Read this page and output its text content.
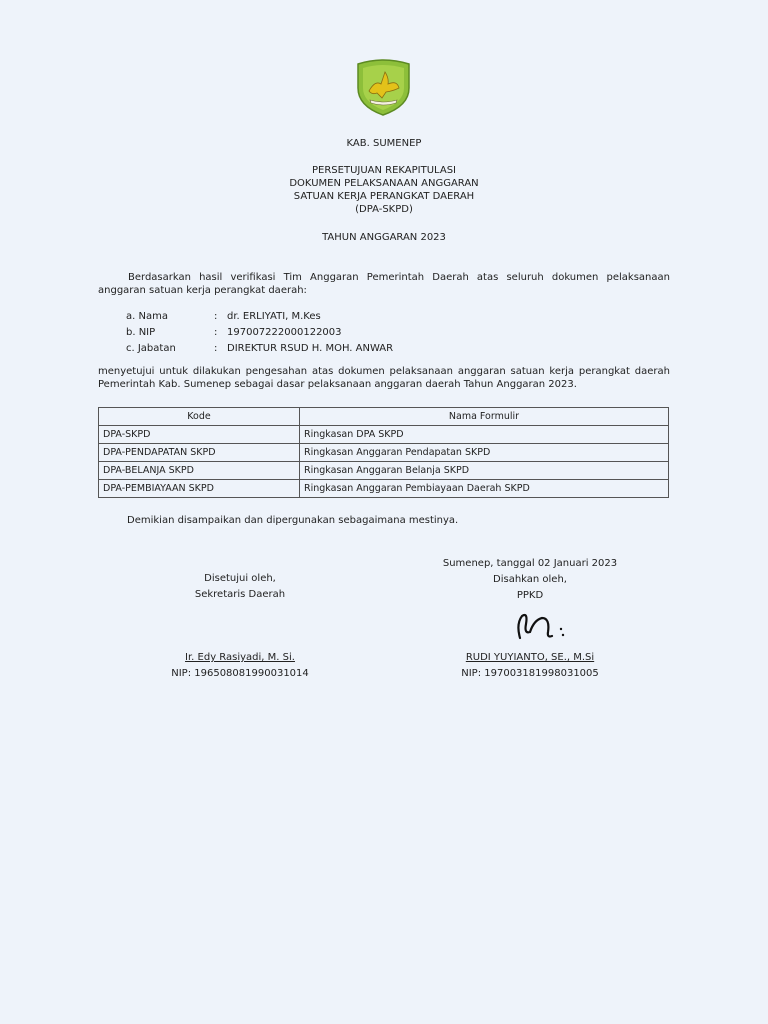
KAB. SUMENEP
PERSETUJUAN REKAPITULASI
DOKUMEN PELAKSANAAN ANGGARAN
SATUAN KERJA PERANGKAT DAERAH
(DPA-SKPD)
TAHUN ANGGARAN 2023
Berdasarkan hasil verifikasi Tim Anggaran Pemerintah Daerah atas seluruh dokumen pelaksanaan
anggaran satuan kerja perangkat daerah:
a. Nama	: dr. ERLIYATI, M.Kes
b. NIP	: 197007222000122003
c. Jabatan	: DIREKTUR RSUD H. MOH. ANWAR
menyetujui untuk dilakukan pengesahan atas dokumen pelaksanaan anggaran satuan kerja perangkat daerah
Pemerintah Kab. Sumenep sebagai dasar pelaksanaan anggaran daerah Tahun Anggaran 2023.
Kode	Nama Formulir
DPA-SKPD	Ringkasan DPA SKPD
DPA-PENDAPATAN SKPD	Ringkasan Anggaran Pendapatan SKPD
DPA-BELANJA SKPD	Ringkasan Anggaran Belanja SKPD
DPA-PEMBIAYAAN SKPD	Ringkasan Anggaran Pembiayaan Daerah SKPD
Demikian disampaikan dan dipergunakan sebagaimana mestinya.
Sumenep, tanggal 02 Januari 2023
Disahkan oleh,
PPKD
Disetujui oleh,
Sekretaris Daerah
Ir. Edy Rasiyadi, M. Si.
NIP: 196508081990031014
RUDI YUYIANTO, SE., M.Si
NIP: 197003181998031005
